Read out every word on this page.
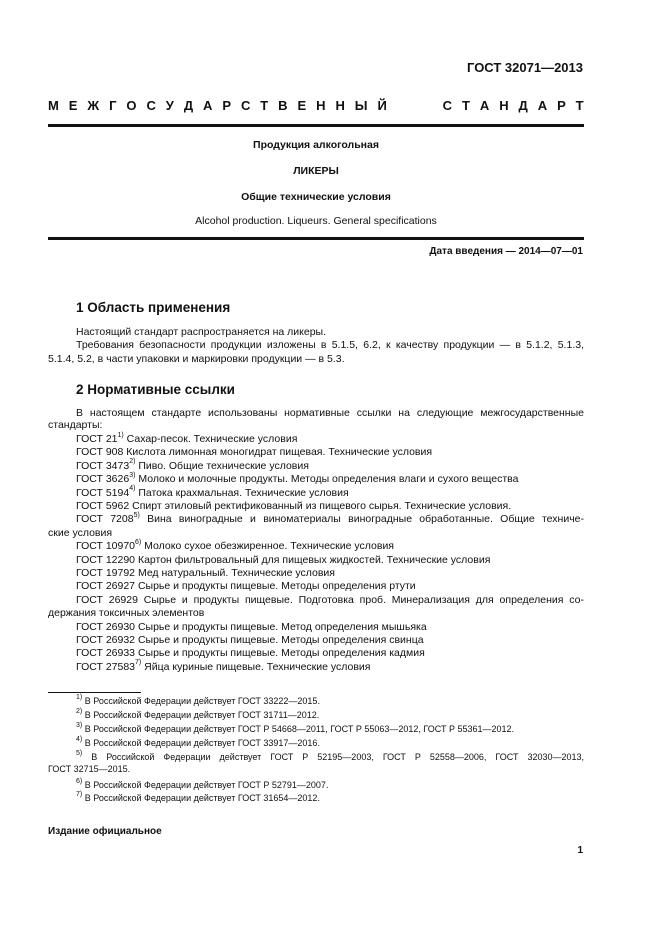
ГОСТ 32071—2013
М Е Ж Г О С У Д А Р С Т В Е Н Н Ы Й	С Т А Н Д А Р Т
Продукция алкогольная
ЛИКЕРЫ
Общие технические условия
Alcohol production. Liqueurs. General specifications
Дата введения — 2014—07—01
1 Область применения
Настоящий стандарт распространяется на ликеры.
Требования безопасности продукции изложены в 5.1.5, 6.2, к качеству продукции — в 5.1.2, 5.1.3,
5.1.4, 5.2, в части упаковки и маркировки продукции — в 5.3.
2 Нормативные ссылки
В настоящем стандарте использованы нормативные ссылки на следующие межгосударственные
стандарты:
ГОСТ 21$^{1)}$ Сахар-песок. Технические условия
ГОСТ 908 Кислота лимонная моногидрат пищевая. Технические условия
ГОСТ 3473$^{2)}$ Пиво. Общие технические условия
ГОСТ 3626$^{3)}$ Молоко и молочные продукты. Методы определения влаги и сухого вещества
ГОСТ 5194$^{4)}$ Патока крахмальная. Технические условия
ГОСТ 5962 Спирт этиловый ректификованный из пищевого сырья. Технические условия.
ГОСТ 7208$^{5)}$ Вина виноградные и виноматериалы виноградные обработанные. Общие техниче-
ские условия
ГОСТ 10970$^{6)}$ Молоко сухое обезжиренное. Технические условия
ГОСТ 12290 Картон фильтровальный для пищевых жидкостей. Технические условия
ГОСТ 19792 Мед натуральный. Технические условия
ГОСТ 26927 Сырье и продукты пищевые. Методы определения ртути
ГОСТ 26929 Сырье и продукты пищевые. Подготовка проб. Минерализация для определения со-
держания токсичных элементов
ГОСТ 26930 Сырье и продукты пищевые. Метод определения мышьяка
ГОСТ 26932 Сырье и продукты пищевые. Методы определения свинца
ГОСТ 26933 Сырье и продукты пищевые. Методы определения кадмия
ГОСТ 27583$^{7)}$ Яйца куриные пищевые. Технические условия
$^{1)}$ В Российской Федерации действует ГОСТ 33222—2015.
$^{2)}$ В Российской Федерации действует ГОСТ 31711—2012.
$^{3)}$ В Российской Федерации действует ГОСТ Р 54668—2011, ГОСТ Р 55063—2012, ГОСТ Р 55361—2012.
$^{4)}$ В Российской Федерации действует ГОСТ 33917—2016.
$^{5)}$ В Российской Федерации действует ГОСТ Р 52195—2003, ГОСТ Р 52558—2006, ГОСТ 32030—2013,
ГОСТ 32715—2015.
$^{6)}$ В Российской Федерации действует ГОСТ Р 52791—2007.
$^{7)}$ В Российской Федерации действует ГОСТ 31654—2012.
Издание официальное
1
